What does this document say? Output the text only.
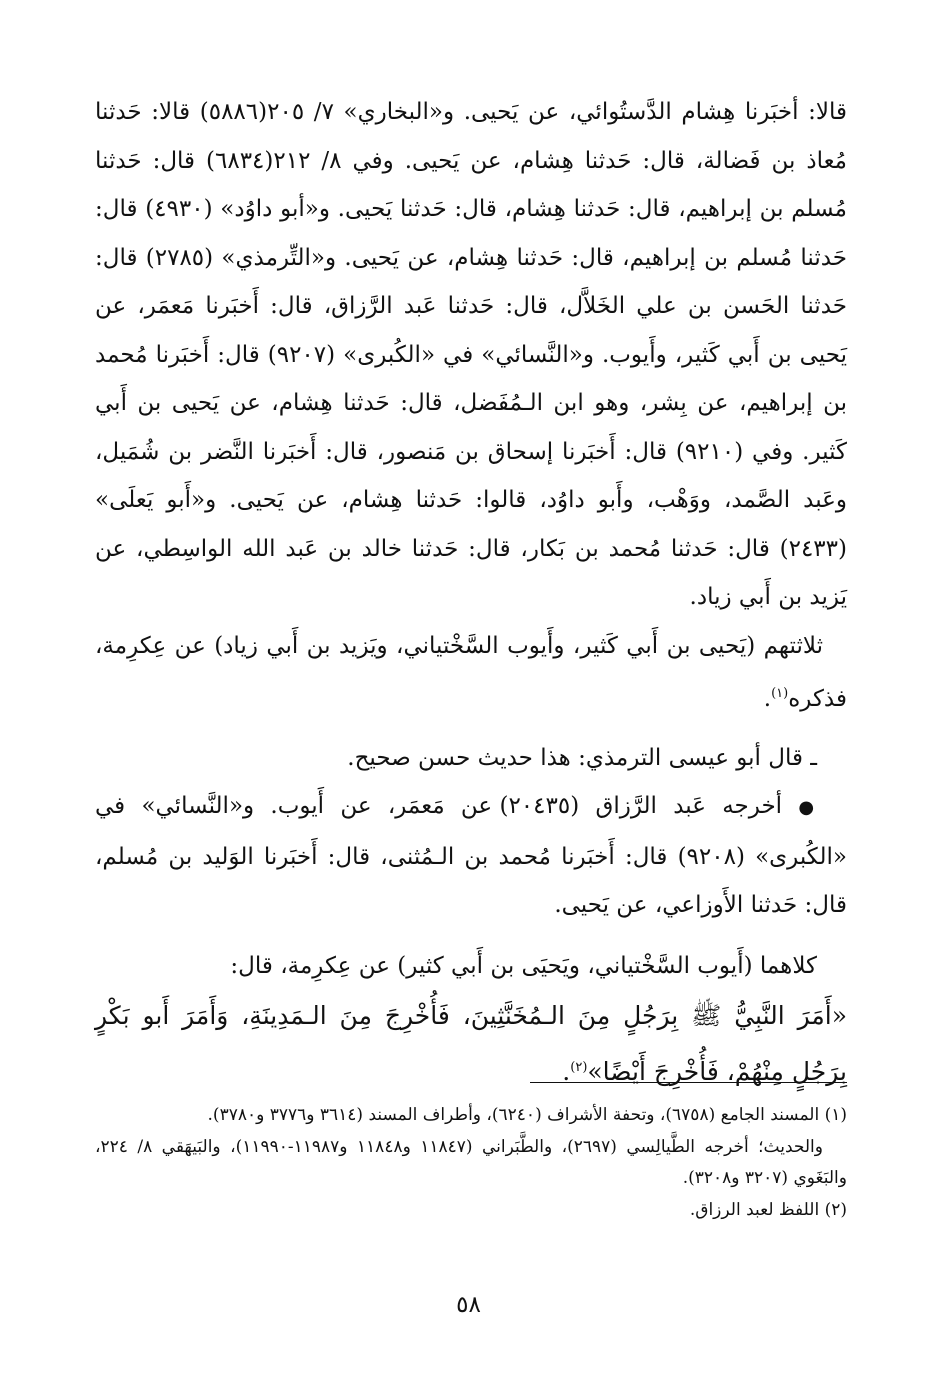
قالا: أخبَرنا هِشام الدَّستُوائي، عن يَحيى. و«البخاري» ٧/ ٢٠٥(٥٨٨٦) قالا: حَدثنا مُعاذ بن فَضالة، قال: حَدثنا هِشام، عن يَحيى. وفي ٨/ ٢١٢(٦٨٣٤) قال: حَدثنا مُسلم بن إبراهيم، قال: حَدثنا هِشام، قال: حَدثنا يَحيى. و«أبو داوُد» (٤٩٣٠) قال: حَدثنا مُسلم بن إبراهيم، قال: حَدثنا هِشام، عن يَحيى. و«التِّرمذي» (٢٧٨٥) قال: حَدثنا الحَسن بن علي الخَلاَّل، قال: حَدثنا عَبد الرَّزاق، قال: أَخبَرنا مَعمَر، عن يَحيى بن أَبي كَثير، وأَيوب. و«النَّسائي» في «الكُبرى» (٩٢٠٧) قال: أَخبَرنا مُحمد بن إبراهيم، عن بِشر، وهو ابن الـمُفَضل، قال: حَدثنا هِشام، عن يَحيى بن أَبي كَثير. وفي (٩٢١٠) قال: أَخبَرنا إسحاق بن مَنصور، قال: أَخبَرنا النَّضر بن شُمَيل، وعَبد الصَّمد، ووَهْب، وأَبو داوُد، قالوا: حَدثنا هِشام، عن يَحيى. و«أَبو يَعلَى» (٢٤٣٣) قال: حَدثنا مُحمد بن بَكار، قال: حَدثنا خالد بن عَبد الله الواسِطي، عن يَزيد بن أَبي زياد.

ثلاثتهم (يَحيى بن أَبي كَثير، وأَيوب السَّخْتياني، ويَزيد بن أَبي زياد) عن عِكرِمة، فذكره$^{(١)}$.

ـ قال أبو عيسى الترمذي: هذا حديث حسن صحيح.

● أخرجه عَبد الرَّزاق (٢٠٤٣٥) عن مَعمَر، عن أَيوب. و«النَّسائي» في «الكُبرى» (٩٢٠٨) قال: أَخبَرنا مُحمد بن الـمُثنى، قال: أَخبَرنا الوَليد بن مُسلم، قال: حَدثنا الأَوزاعي، عن يَحيى.

كلاهما (أَيوب السَّخْتياني، ويَحيَى بن أَبي كثير) عن عِكرِمة، قال:

«أَمَرَ النَّبِيُّ ﷺ بِرَجُلٍ مِنَ الـمُخَنَّثِينَ، فَأُخْرِجَ مِنَ الـمَدِينَةِ، وَأَمَرَ أَبو بَكْرٍ بِرَجُلٍ مِنْهُمْ، فَأُخْرِجَ أَيْضًا»$^{(٢)}$.

(١) المسند الجامع (٦٧٥٨)، وتحفة الأشراف (٦٢٤٠)، وأطراف المسند (٣٦١٤ و٣٧٧٦ و٣٧٨٠).

والحديث؛ أخرجه الطَّيالِسي (٢٦٩٧)، والطَّبَراني (١١٨٤٧ و١١٨٤٨ و١١٩٨٧-١١٩٩٠)، والبَيهَقي ٨/ ٢٢٤، والبَغَوي (٣٢٠٧ و٣٢٠٨).

(٢) اللفظ لعبد الرزاق.

٥٨
